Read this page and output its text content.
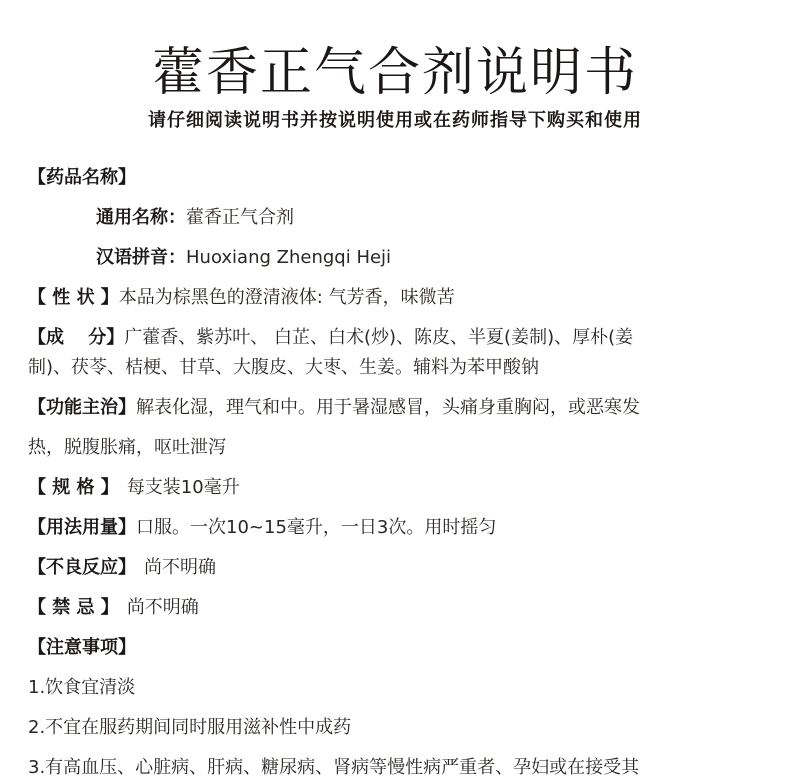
藿香正气合剂说明书
请仔细阅读说明书并按说明使用或在药师指导下购买和使用
【药品名称】
通用名称：藿香正气合剂
汉语拼音：Huoxiang Zhengqi Heji
【 性 状 】本品为棕黑色的澄清液体: 气芳香，味微苦
【成　 分】广藿香、紫苏叶、 白芷、白术(炒)、陈皮、半夏(姜制)、厚朴(姜
制)、茯苓、桔梗、甘草、大腹皮、大枣、生姜。辅料为苯甲酸钠
【功能主治】解表化湿，理气和中。用于暑湿感冒，头痛身重胸闷，或恶寒发
热，脱腹胀痛，呕吐泄泻
【 规 格 】 每支装10毫升
【用法用量】口服。一次10~15毫升，一日3次。用时摇匀
【不良反应】 尚不明确
【 禁 忌 】 尚不明确
【注意事项】
1.饮食宜清淡
2.不宜在服药期间同时服用滋补性中成药
3.有高血压、心脏病、肝病、糖尿病、肾病等慢性病严重者、孕妇或在接受其
